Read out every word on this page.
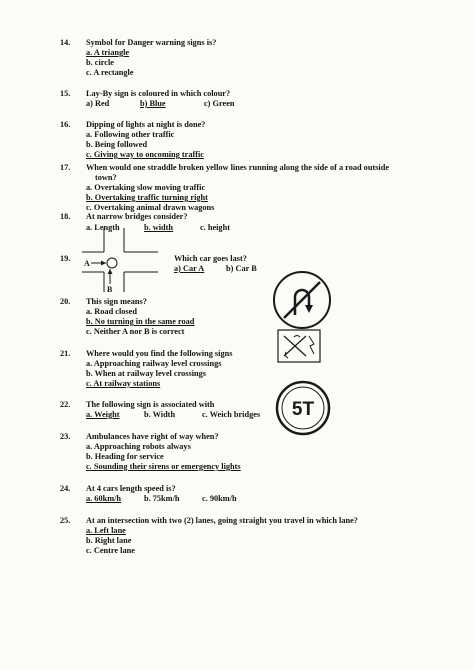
14. Symbol for Danger warning signs is?
a. A triangle
b. circle
c. A rectangle
15. Lay-By sign is coloured in which colour?
a) Red	b) Blue	c) Green
16. Dipping of lights at night is done?
a. Following other traffic
b. Being followed
c. Giving way to oncoming traffic
17. When would one straddle broken yellow lines running along the side of a road outside
town?
a. Overtaking slow moving traffic
b. Overtaking traffic turning right
c. Overtaking animal drawn wagons
18. At narrow bridges consider?
a. Length	b. width	c. height
19.	Which car goes last?
a) Car A	b) Car B
A
B
20. This sign means?
a. Road closed
b. No turning in the same road
c. Neither A nor B is correct
21. Where would you find the following signs
a. Approaching railway level crossings
b. When at railway level crossings
c. At railway stations
22. The following sign is associated with
a. Weight	b. Width	c. Weich bridges 5T
23. Ambulances have right of way when?
a. Approaching robots always
b. Heading for service
c. Sounding their sirens or emergency lights
24. At 4 cars length speed is?
a. 60km/h	b. 75km/h	c. 90km/h
25. At an intersection with two (2) lanes, going straight you travel in which lane?
a. Left lane
b. Right lane
c. Centre lane
